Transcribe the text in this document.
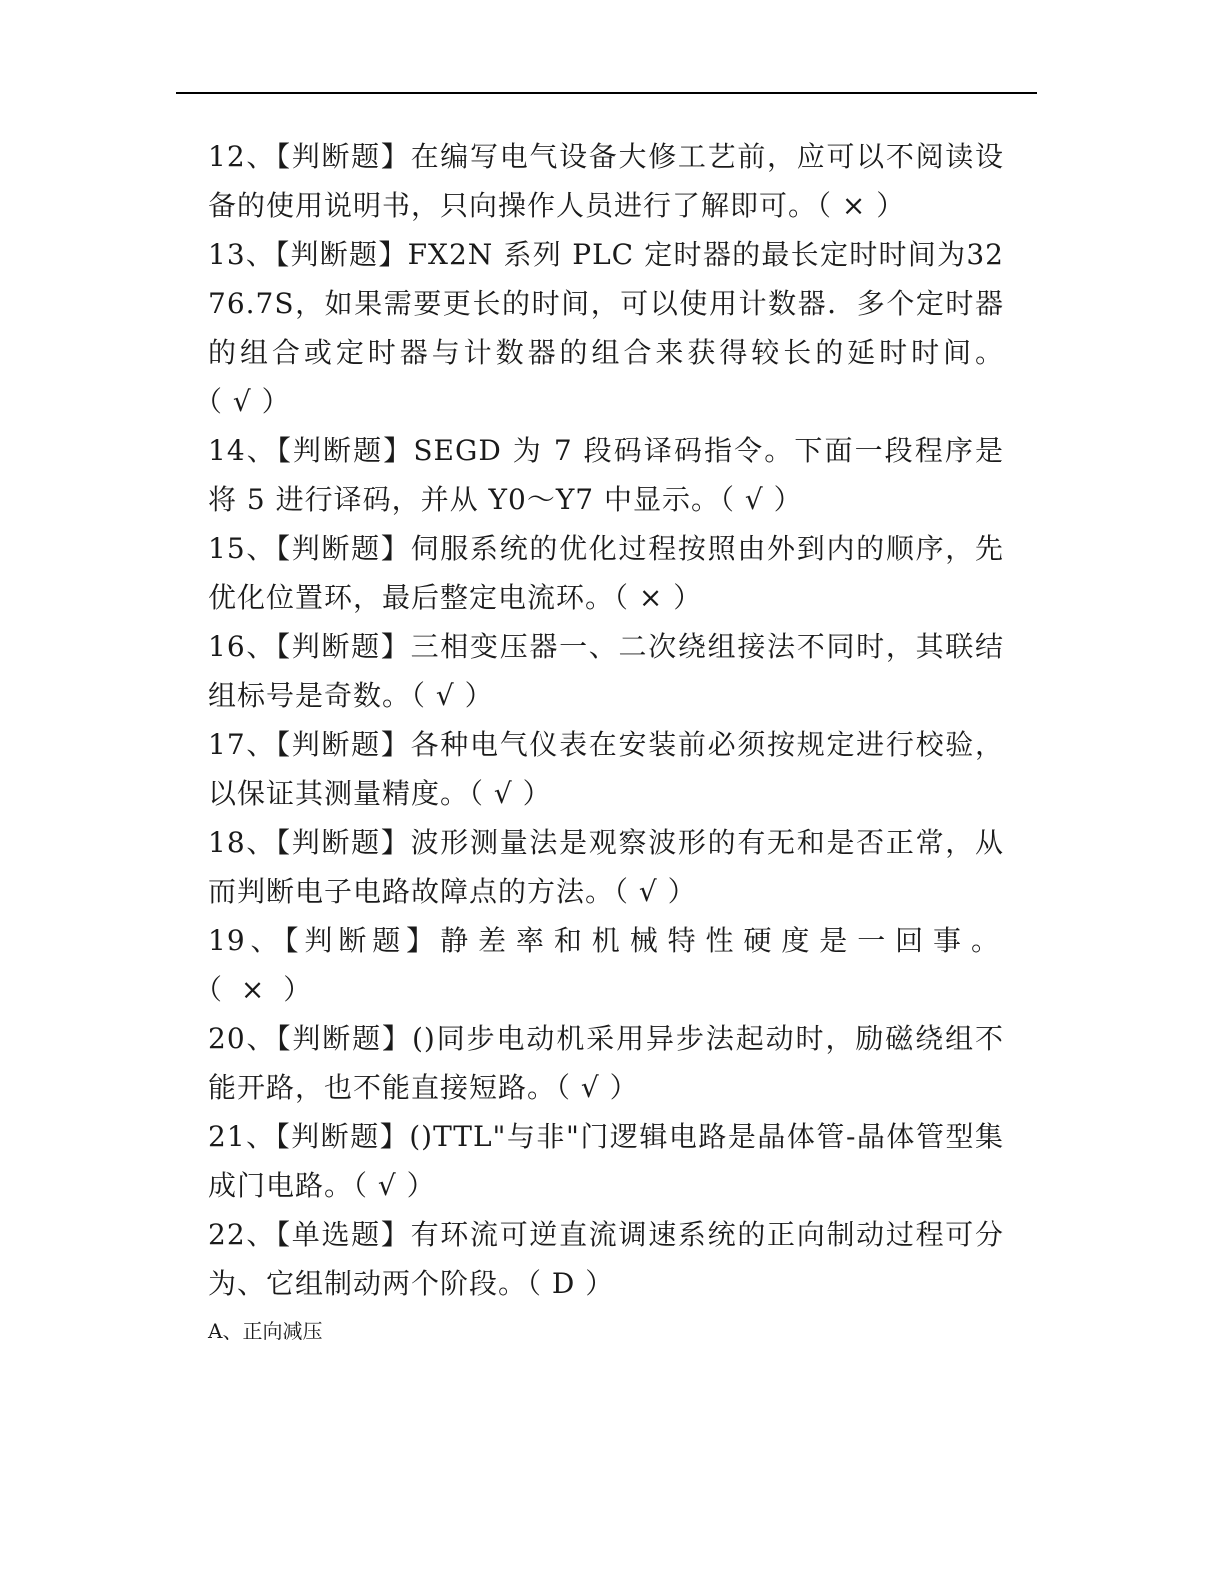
12、【判断题】在编写电气设备大修工艺前，应可以不阅读设备的使用说明书，只向操作人员进行了解即可。（ × ）

13、【判断题】FX2N 系列 PLC 定时器的最长定时时间为3276.7S，如果需要更长的时间，可以使用计数器．多个定时器的组合或定时器与计数器的组合来获得较长的延时时间。（ √ ）

14、【判断题】SEGD 为 7 段码译码指令。下面一段程序是将 5 进行译码，并从 Y0～Y7 中显示。（ √ ）

15、【判断题】伺服系统的优化过程按照由外到内的顺序，先优化位置环，最后整定电流环。（ × ）

16、【判断题】三相变压器一、二次绕组接法不同时，其联结组标号是奇数。（ √ ）

17、【判断题】各种电气仪表在安装前必须按规定进行校验，以保证其测量精度。（ √ ）

18、【判断题】波形测量法是观察波形的有无和是否正常，从而判断电子电路故障点的方法。（ √ ）

19、【判断题】静差率和机械特性硬度是一回事。（ × ）

20、【判断题】()同步电动机采用异步法起动时，励磁绕组不能开路，也不能直接短路。（ √ ）

21、【判断题】()TTL"与非"门逻辑电路是晶体管-晶体管型集成门电路。（ √ ）

22、【单选题】有环流可逆直流调速系统的正向制动过程可分为、它组制动两个阶段。（ D ）

A、正向减压
